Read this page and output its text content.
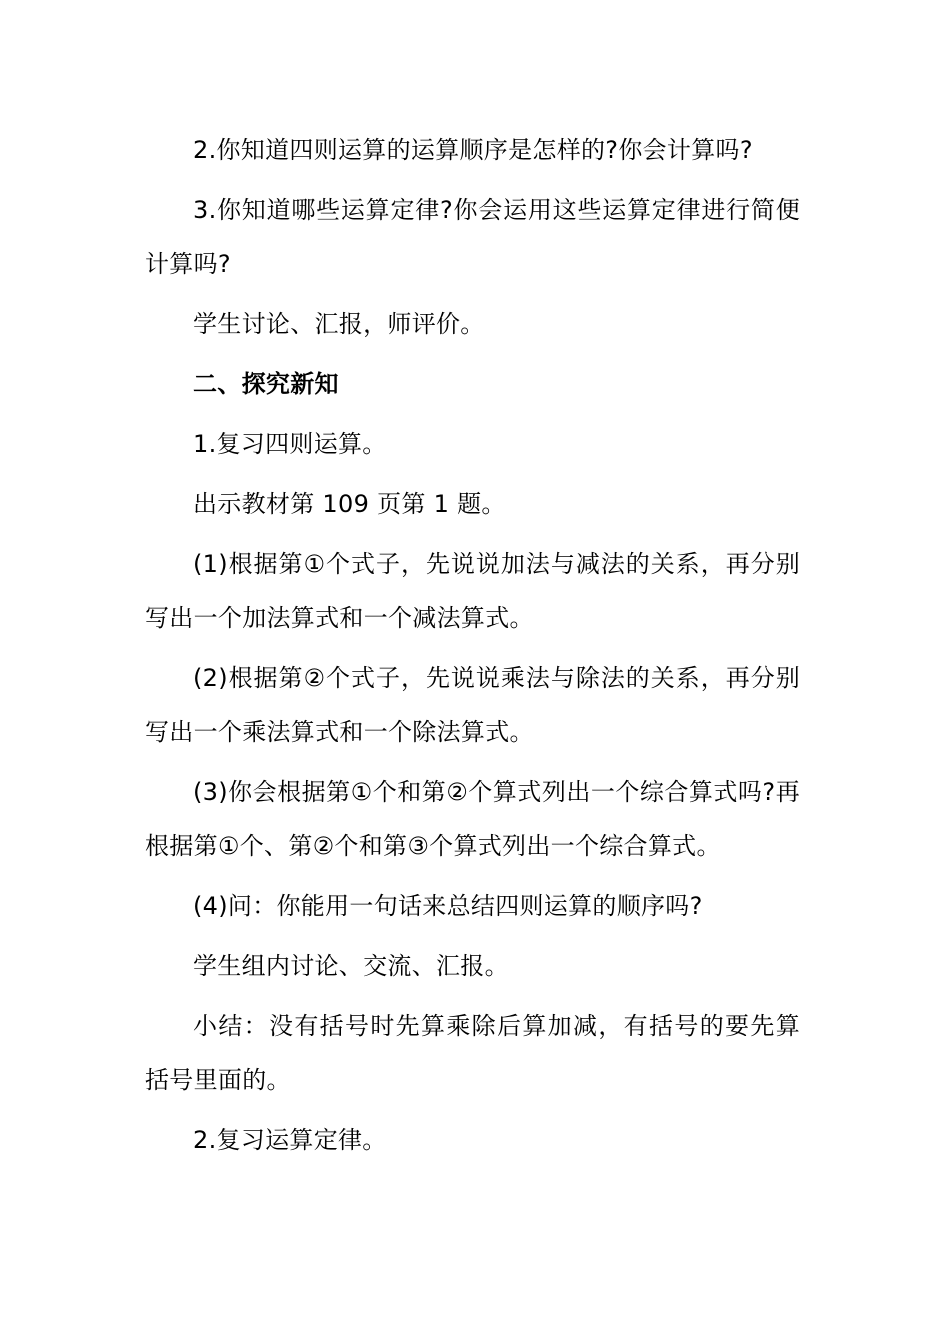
2.你知道四则运算的运算顺序是怎样的?你会计算吗?

3.你知道哪些运算定律?你会运用这些运算定律进行简便计算吗?

学生讨论、汇报，师评价。

二、探究新知

1.复习四则运算。

出示教材第 109 页第 1 题。

(1)根据第①个式子，先说说加法与减法的关系，再分别写出一个加法算式和一个减法算式。

(2)根据第②个式子，先说说乘法与除法的关系，再分别写出一个乘法算式和一个除法算式。

(3)你会根据第①个和第②个算式列出一个综合算式吗?再根据第①个、第②个和第③个算式列出一个综合算式。

(4)问：你能用一句话来总结四则运算的顺序吗?

学生组内讨论、交流、汇报。

小结：没有括号时先算乘除后算加减，有括号的要先算括号里面的。

2.复习运算定律。
